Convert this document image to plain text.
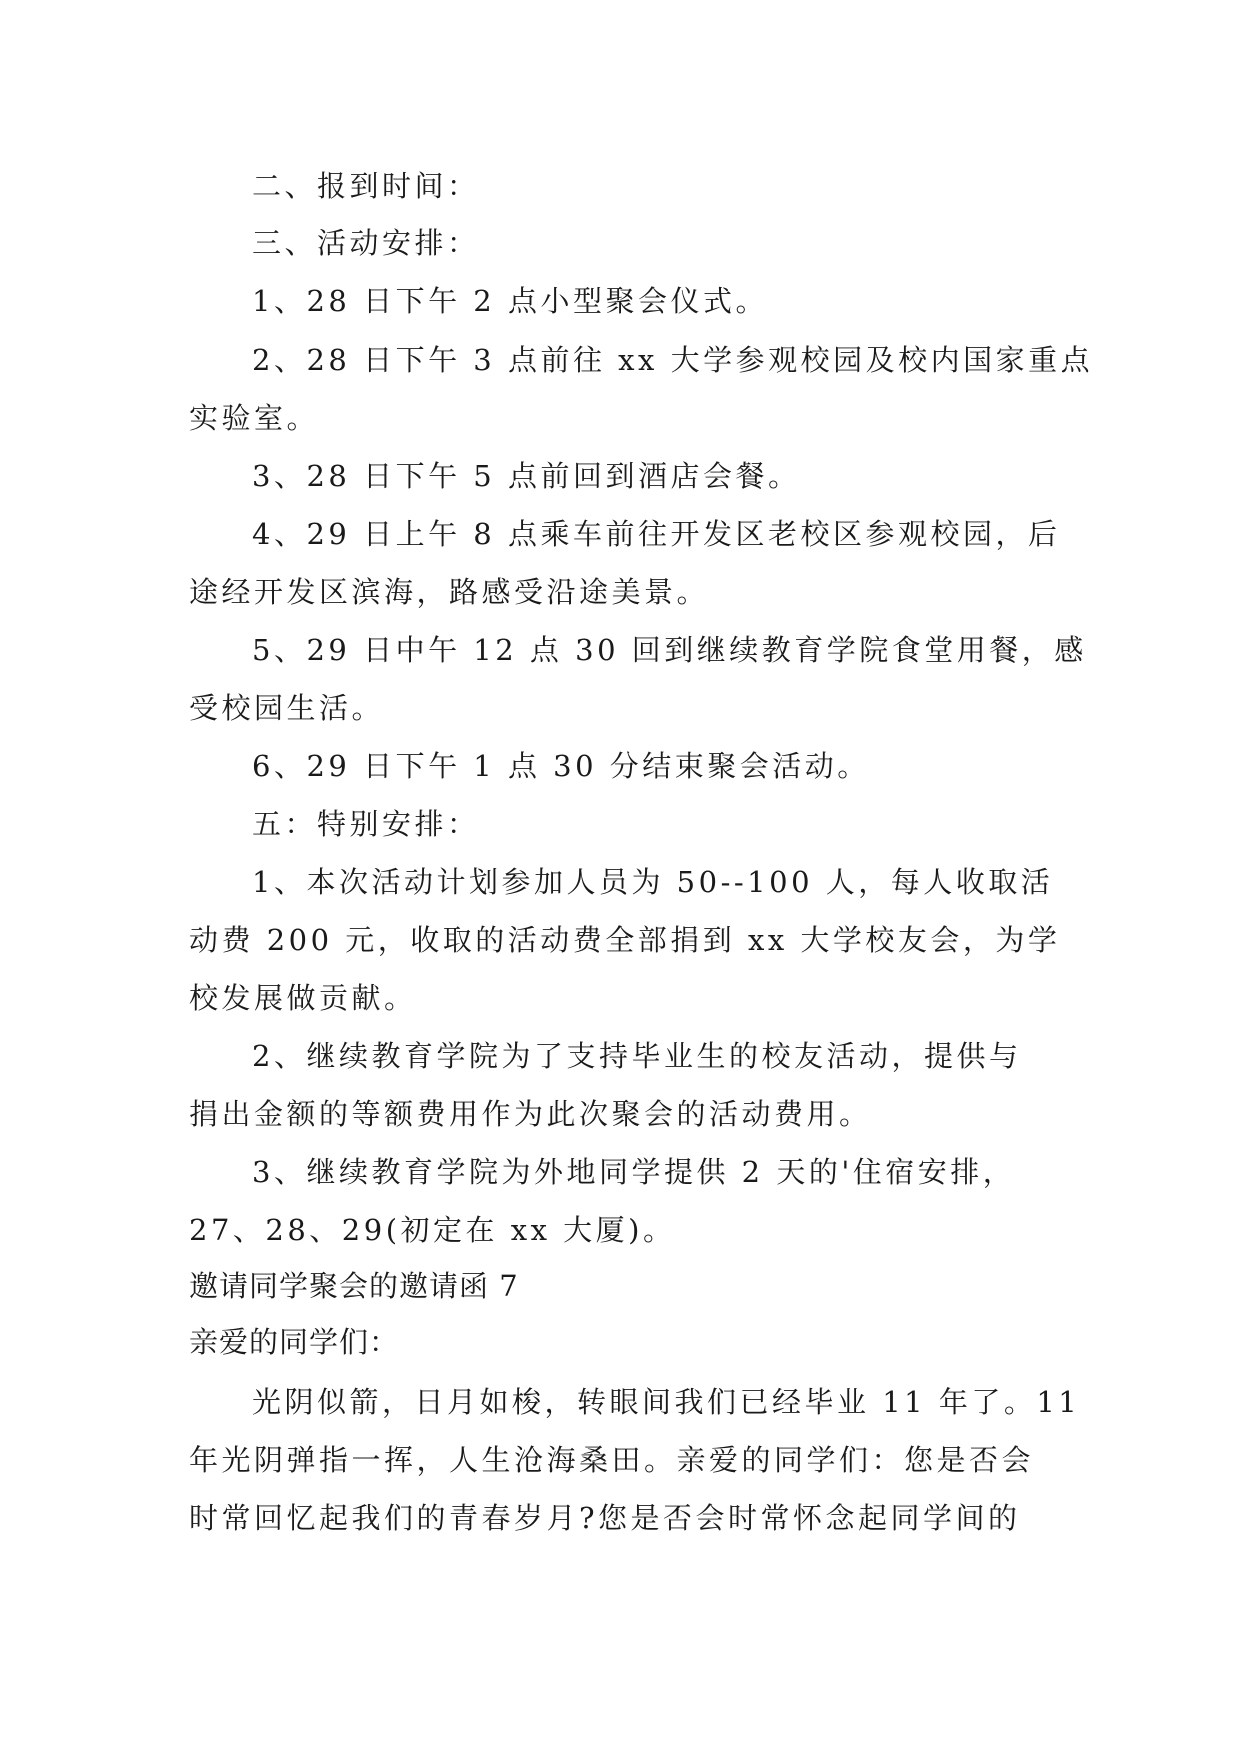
二、报到时间：
三、活动安排：
1、28 日下午 2 点小型聚会仪式。
2、28 日下午 3 点前往 xx 大学参观校园及校内国家重点
实验室。
3、28 日下午 5 点前回到酒店会餐。
4、29 日上午 8 点乘车前往开发区老校区参观校园，后
途经开发区滨海，路感受沿途美景。
5、29 日中午 12 点 30 回到继续教育学院食堂用餐，感
受校园生活。
6、29 日下午 1 点 30 分结束聚会活动。
五：特别安排：
1、本次活动计划参加人员为 50--100 人，每人收取活
动费 200 元，收取的活动费全部捐到 xx 大学校友会，为学
校发展做贡献。
2、继续教育学院为了支持毕业生的校友活动，提供与
捐出金额的等额费用作为此次聚会的活动费用。
3、继续教育学院为外地同学提供 2 天的'住宿安排，
27、28、29(初定在 xx 大厦)。
邀请同学聚会的邀请函 7
亲爱的同学们：
光阴似箭，日月如梭，转眼间我们已经毕业 11 年了。11
年光阴弹指一挥，人生沧海桑田。亲爱的同学们：您是否会
时常回忆起我们的青春岁月?您是否会时常怀念起同学间的
